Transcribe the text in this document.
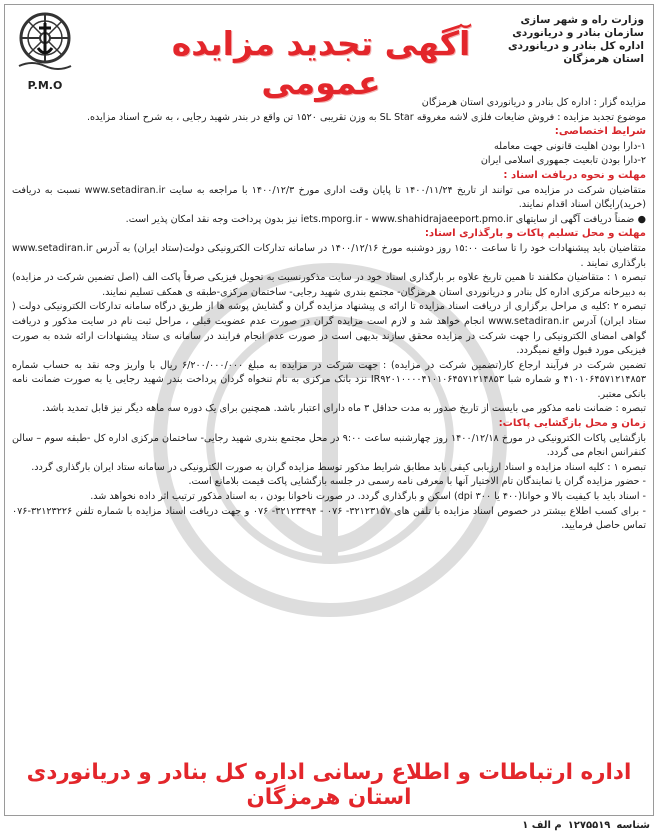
P.M.O
آگهی تجدید مزایده عمومی
وزارت راه و شهر سازی
سازمان بنادر و دریانوردی
اداره کل بنادر و دریانوردی
استان هرمزگان

مزایده گزار : اداره کل بنادر و دریانوردی استان هرمزگان

موضوع تجدید مزایده : فروش ضایعات فلزی لاشه مغروقه SL Star به وزن تقریبی ۱۵۲۰ تن واقع در بندر شهید رجایی ، به شرح اسناد مزایده.

شرایط اختصاصی:

۱-دارا بودن اهلیت قانونی جهت معامله

۲-دارا بودن تابعیت جمهوری اسلامی ایران

مهلت و نحوه دریافت اسناد :

متقاضیان شرکت در مزایده می توانند از تاریخ ۱۴۰۰/۱۱/۲۴ تا پایان وقت اداری مورخ ۱۴۰۰/۱۲/۳ با مراجعه به سایت www.setadiran.ir نسبت به دریافت (خرید)رایگان اسناد اقدام نمایند.

● ضمناً دریافت آگهی از سایتهای iets.mporg.ir - www.shahidrajaeeport.pmo.ir نیز بدون پرداخت وجه نقد امکان پذیر است.

مهلت و محل تسلیم پاکات و بارگذاری اسناد:

متقاضیان باید پیشنهادات خود را تا ساعت ۱۵:۰۰ روز دوشنبه مورخ ۱۴۰۰/۱۲/۱۶ در سامانه تدارکات الکترونیکی دولت(ستاد ایران) به آدرس www.setadiran.ir بارگذاری نمایند .

تبصره ۱ : متقاضیان مکلفند تا همین تاریخ علاوه بر بارگذاری اسناد خود در سایت مذکورنسبت به تحویل فیزیکی صرفاً پاکت الف (اصل تضمین شرکت در مزایده) به دبیرخانه مرکزی اداره کل بنادر و دریانوردی استان هرمزگان- مجتمع بندری شهید رجایی- ساختمان مرکزی-طبقه ی همکف تسلیم نمایند.

تبصره ۲ :کلیه ی مراحل برگزاری از دریافت اسناد مزایده تا ارائه ی پیشنهاد مزایده گران و گشایش پوشه ها از طریق درگاه سامانه تدارکات الکترونیکی دولت ( ستاد ایران) آدرس www.setadiran.ir انجام خواهد شد و لازم است مزایده گران در صورت عدم عضویت قبلی ، مراحل ثبت نام در سایت مذکور و دریافت گواهی امضای الکترونیکی را جهت شرکت در مزایده محقق سازند بدیهی است در صورت عدم انجام فرایند در سامانه ی ستاد پیشنهادات ارائه شده به صورت فیزیکی مورد قبول واقع نمیگردد.

تضمین شرکت در فرآیند ارجاع کار(تضمین شرکت در مزایده) : جهت شرکت در مزایده به مبلغ ۶/۲۰۰/۰۰۰/۰۰۰ ریال با واریز وجه نقد به حساب شماره ۴۱۰۱۰۶۴۵۷۱۲۱۴۸۵۳ و شماره شبا IR۹۲۰۱۰۰۰۰۴۱۰۱۰۶۴۵۷۱۲۱۴۸۵۳ نزد بانک مرکزی به نام تنخواه گردان پرداخت بندر شهید رجایی یا به صورت ضمانت نامه بانکی معتبر.

تبصره : ضمانت نامه مذکور می بایست از تاریخ صدور به مدت حداقل ۳ ماه دارای اعتبار باشد. همچنین برای یک دوره سه ماهه دیگر نیز قابل تمدید باشد.

زمان و محل بازگشایی پاکات:

بازگشایی پاکات الکترونیکی در مورخ ۱۴۰۰/۱۲/۱۸ روز چهارشنبه ساعت ۹:۰۰ در محل مجتمع بندری شهید رجایی- ساختمان مرکزی اداره کل -طبقه سوم – سالن کنفرانس انجام می گردد.

تبصره ۱ : کلیه اسناد مزایده و اسناد ارزیابی کیفی باید مطابق شرایط مذکور توسط مزایده گران به صورت الکترونیکی در سامانه ستاد ایران بارگذاری گردد.

- حضور مزایده گران یا نمایندگان تام الاختیار آنها با معرفی نامه رسمی در جلسه بازگشایی پاکت قیمت بلامانع است.

- اسناد باید با کیفیت بالا و خوانا(۴۰۰ یا ۳۰۰ dpi) اسکن و بارگذاری گردد. در صورت ناخوانا بودن ، به اسناد مذکور ترتیب اثر داده نخواهد شد.

- برای کسب اطلاع بیشتر در خصوص اسناد مزایده با تلفن های ۳۲۱۲۳۱۵۷- ۰۷۶ - ۳۲۱۲۳۴۹۴- ۰۷۶ و جهت دریافت اسناد مزایده با شماره تلفن ۳۲۱۲۳۲۲۶-۰۷۶ تماس حاصل فرمایید.

اداره ارتباطات و اطلاع رسانی اداره کل بنادر و دریانوردی استان هرمزگان
شناسه۱۲۷۵۵۱۹م الف ۱
